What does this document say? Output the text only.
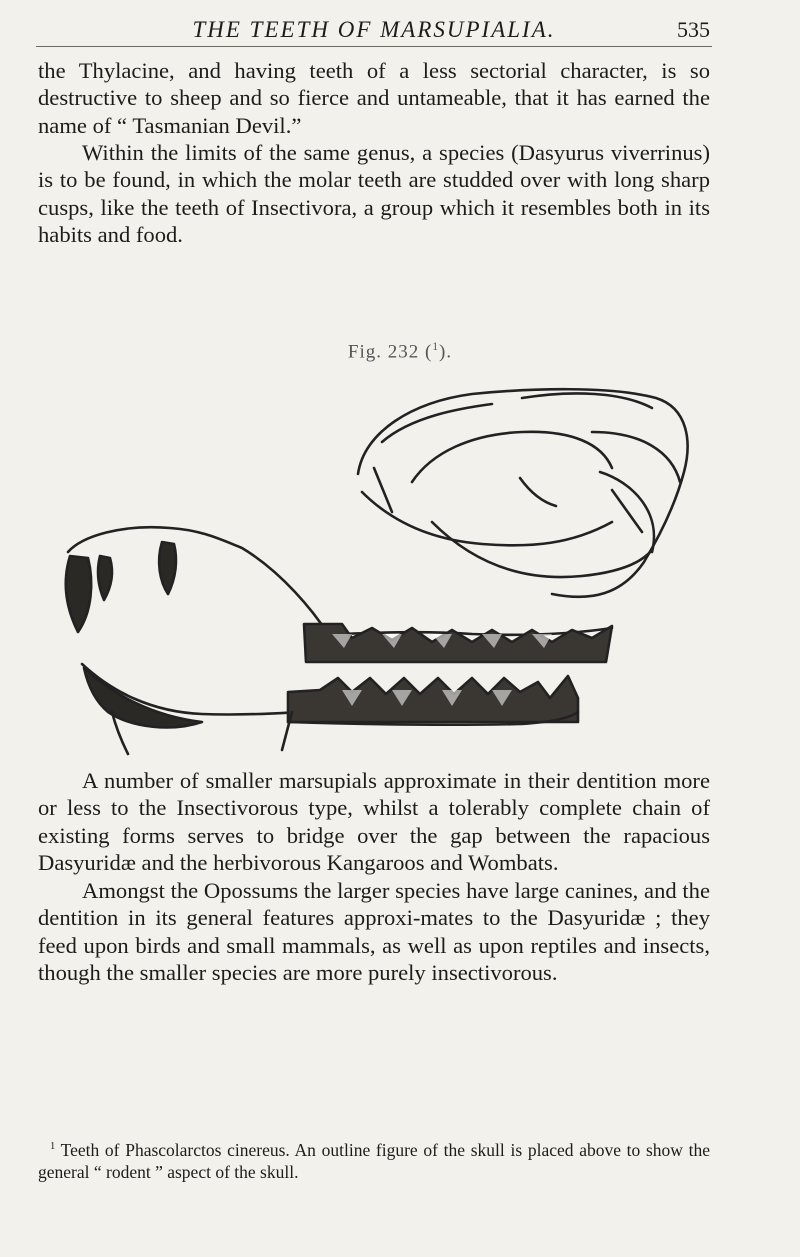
THE TEETH OF MARSUPIALIA.	535

the Thylacine, and having teeth of a less sectorial character, is so destructive to sheep and so fierce and untameable, that it has earned the name of “ Tasmanian Devil.”

Within the limits of the same genus, a species (Dasyurus viverrinus) is to be found, in which the molar teeth are studded over with long sharp cusps, like the teeth of Insectivora, a group which it resembles both in its habits and food.

Fig. 232 ($^1$).

A number of smaller marsupials approximate in their dentition more or less to the Insectivorous type, whilst a tolerably complete chain of existing forms serves to bridge over the gap between the rapacious Dasyuridæ and the herbivorous Kangaroos and Wombats.

Amongst the Opossums the larger species have large canines, and the dentition in its general features approxi-mates to the Dasyuridæ ; they feed upon birds and small mammals, as well as upon reptiles and insects, though the smaller species are more purely insectivorous.

$^1$ Teeth of Phascolarctos cinereus. An outline figure of the skull is placed above to show the general “ rodent ” aspect of the skull.
